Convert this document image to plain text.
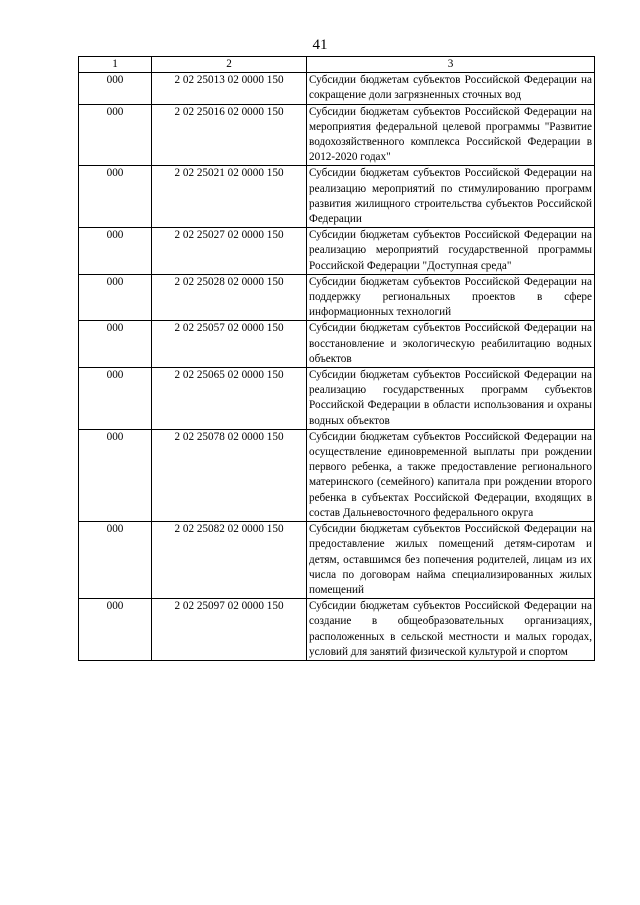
41
1	2	3
000	2 02 25013 02 0000 150	Субсидии бюджетам субъектов Российской Федерации на сокращение доли загрязненных сточных вод
000	2 02 25016 02 0000 150	Субсидии бюджетам субъектов Российской Федерации на мероприятия федеральной целевой программы "Развитие водохозяйственного комплекса Российской Федерации в 2012-2020 годах"
000	2 02 25021 02 0000 150	Субсидии бюджетам субъектов Российской Федерации на реализацию мероприятий по стимулированию программ развития жилищного строительства субъектов Российской Федерации
000	2 02 25027 02 0000 150	Субсидии бюджетам субъектов Российской Федерации на реализацию мероприятий государственной программы Российской Федерации "Доступная среда"
000	2 02 25028 02 0000 150	Субсидии бюджетам субъектов Российской Федерации на поддержку региональных проектов в сфере информационных технологий
000	2 02 25057 02 0000 150	Субсидии бюджетам субъектов Российской Федерации на восстановление и экологическую реабилитацию водных объектов
000	2 02 25065 02 0000 150	Субсидии бюджетам субъектов Российской Федерации на реализацию государственных программ субъектов Российской Федерации в области использования и охраны водных объектов
000	2 02 25078 02 0000 150	Субсидии бюджетам субъектов Российской Федерации на осуществление единовременной выплаты при рождении первого ребенка, а также предоставление регионального материнского (семейного) капитала при рождении второго ребенка в субъектах Российской Федерации, входящих в состав Дальневосточного федерального округа
000	2 02 25082 02 0000 150	Субсидии бюджетам субъектов Российской Федерации на предоставление жилых помещений детям-сиротам и детям, оставшимся без попечения родителей, лицам из их числа по договорам найма специализированных жилых помещений
000	2 02 25097 02 0000 150	Субсидии бюджетам субъектов Российской Федерации на создание в общеобразовательных организациях, расположенных в сельской местности и малых городах, условий для занятий физической культурой и спортом
